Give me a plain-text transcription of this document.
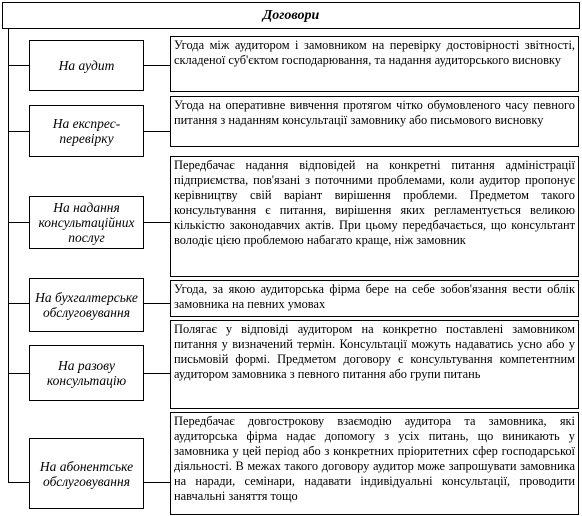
Договори
На аудит
Угода між аудитором і замовником на перевірку достовірності звітності, складеної суб'єктом господарювання, та надання аудиторського висновку
На експрес-перевірку
Угода на оперативне вивчення протягом чітко обумовленого часу певного питання з наданням консультації замовнику або письмового висновку
На надання консультаційних послуг
Передбачає надання відповідей на конкретні питання адміністрації підприємства, пов'язані з поточними проблемами, коли аудитор пропонує керівництву свій варіант вирішення проблеми. Предметом такого консультування є питання, вирішення яких регламентується великою кількістю законодавчих актів. При цьому передбачається, що консультант володіє цією проблемою набагато краще, ніж замовник
На бухгалтерське обслуговування
Угода, за якою аудиторська фірма бере на себе зобов'язання вести облік замовника на певних умовах
На разову консультацію
Полягає у відповіді аудитором на конкретно поставлені замовником питання у визначений термін. Консультації можуть надаватись усно або у письмовій формі. Предметом договору є консультування компетентним аудитором замовника з певного питання або групи питань
На абонентське обслуговування
Передбачає довгострокову взаємодію аудитора та замовника, які аудиторська фірма надає допомогу з усіх питань, що виникають у замовника у цей період або з конкретних пріоритетних сфер господарської діяльності. В межах такого договору аудитор може запрошувати замовника на наради, семінари, надавати індивідуальні консультації, проводити навчальні заняття тощо
